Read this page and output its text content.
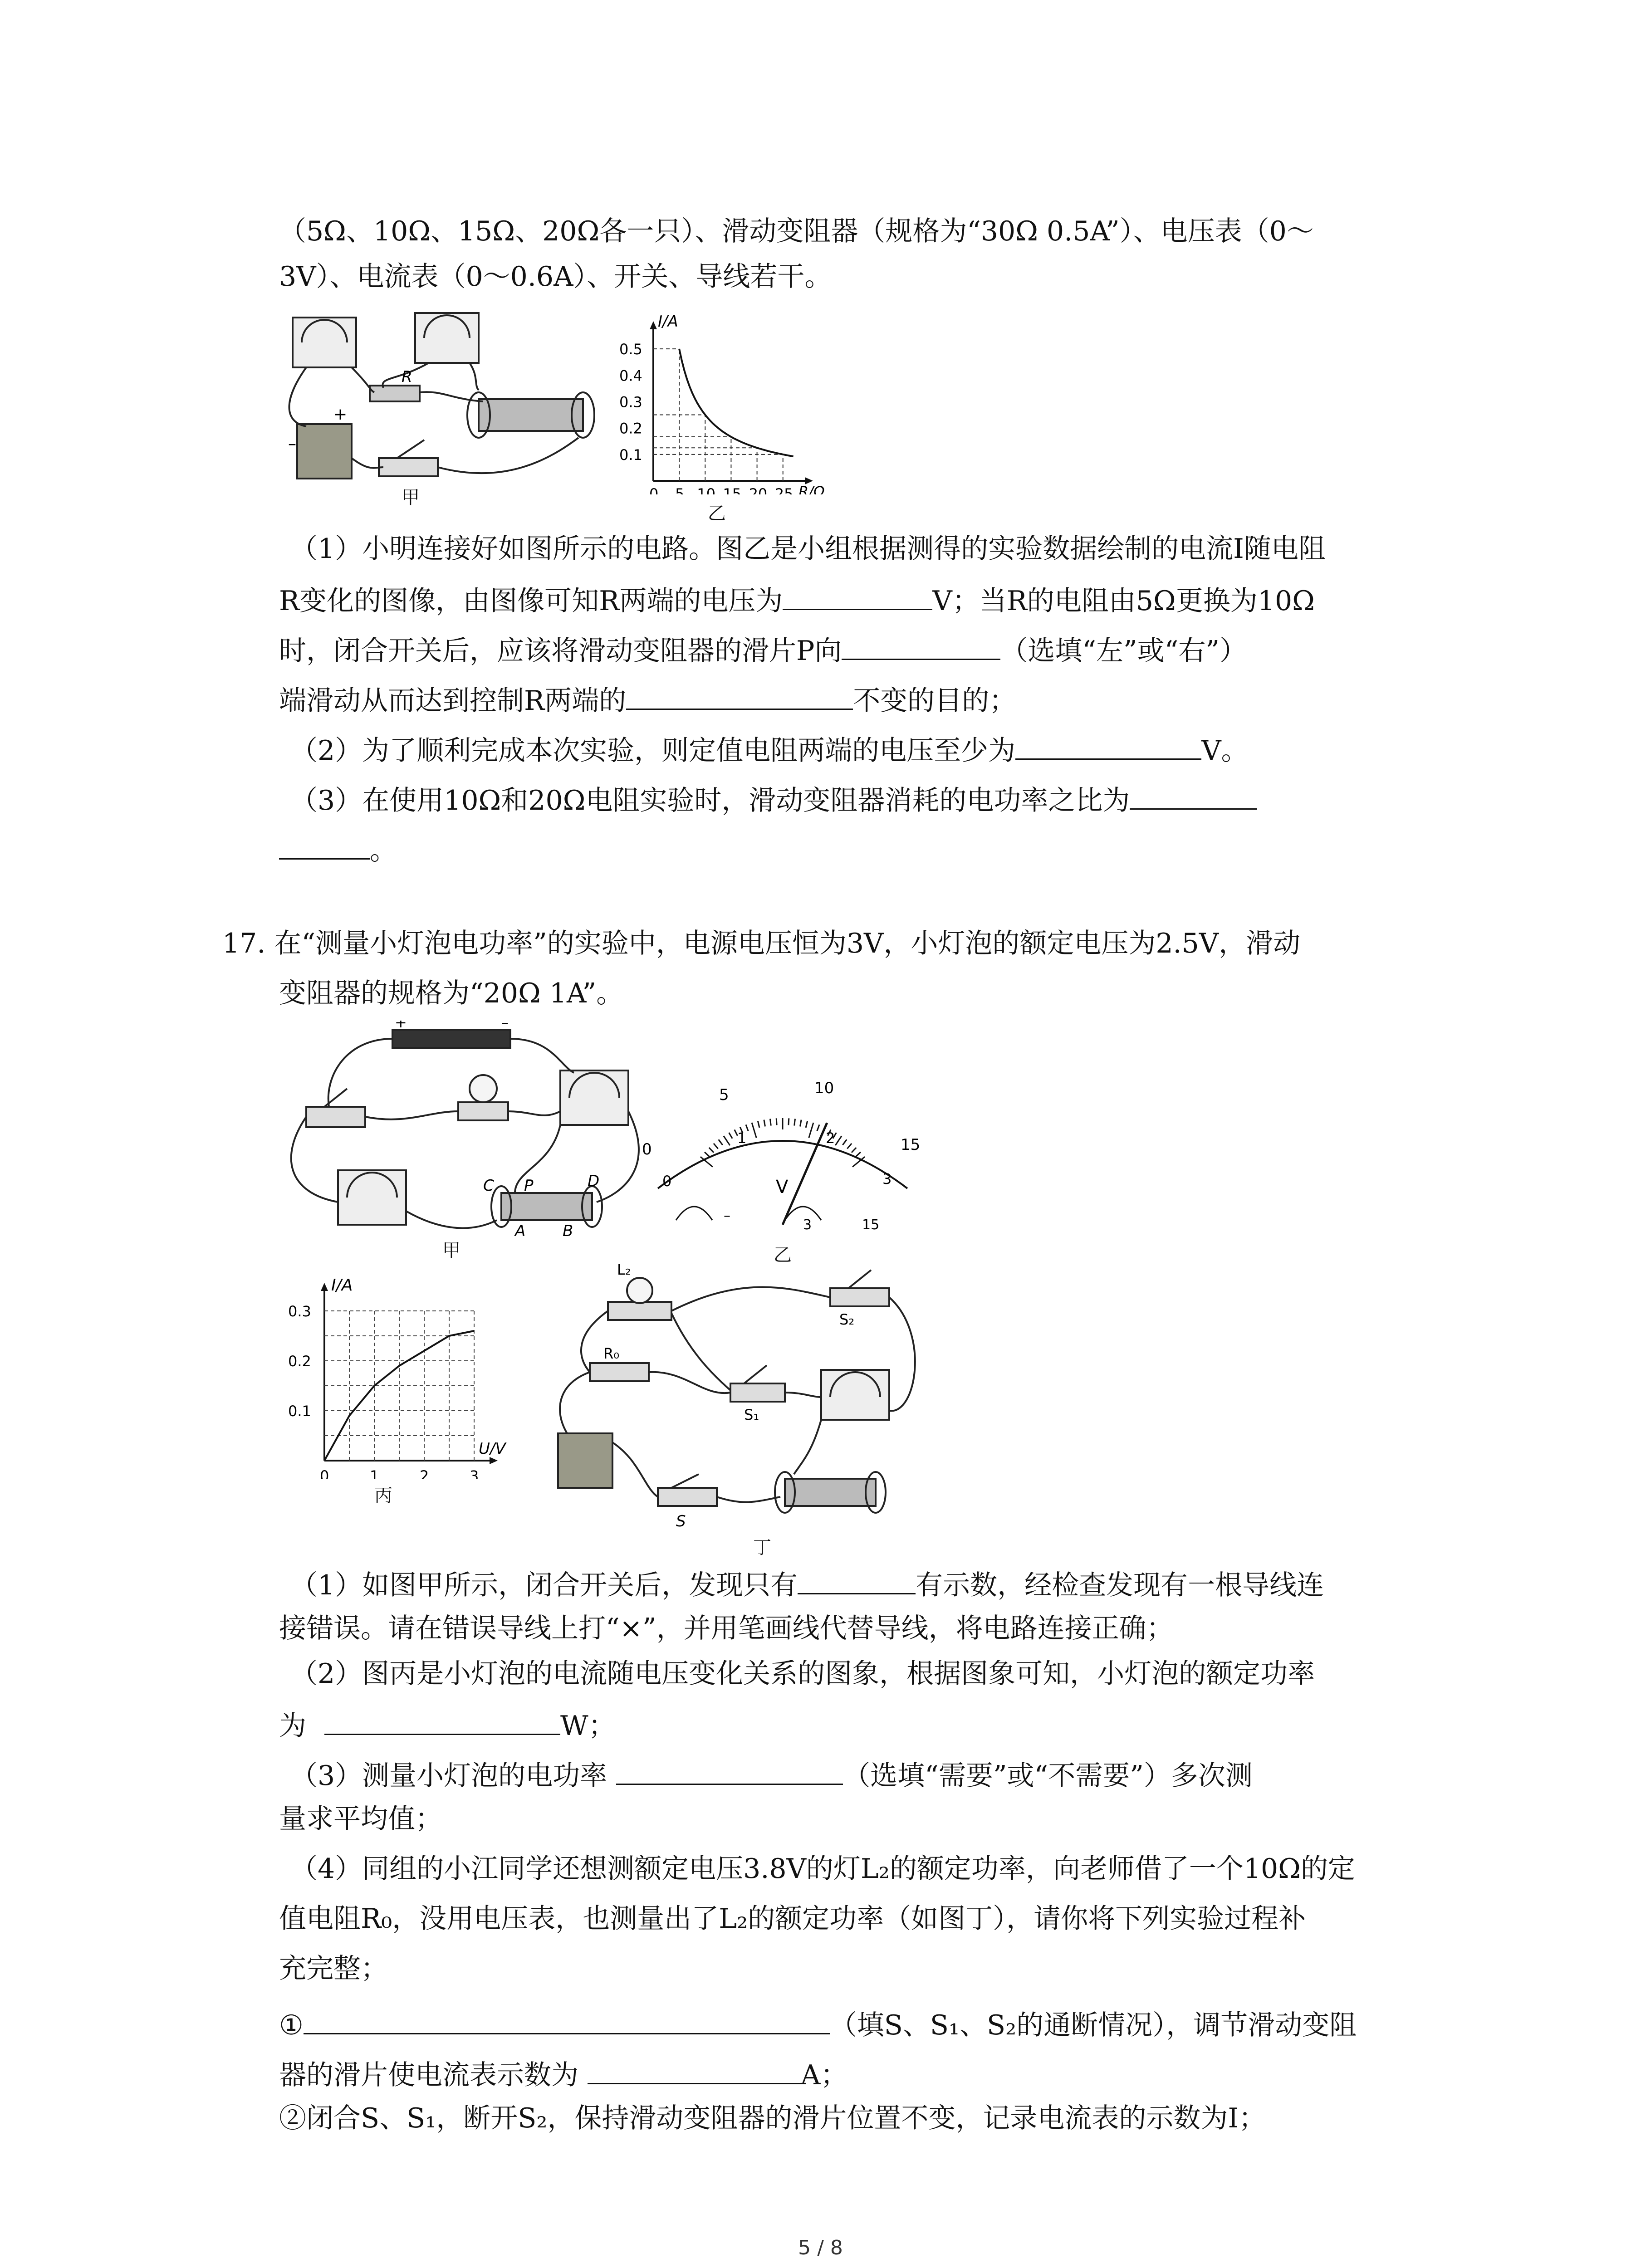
（5Ω、10Ω、15Ω、20Ω各一只）、滑动变阻器（规格为“30Ω 0.5A”）、电压表（0～
3V）、电流表（0～0.6A）、开关、导线若干。
R
–
+
甲
I/A
R/Ω
0.1
0.2
0.3
0.4
0.5
0 5 10 15 20 25
乙
（1）小明连接好如图所示的电路。图乙是小组根据测得的实验数据绘制的电流I随电阻
R变化的图像，由图像可知R两端的电压为	V；当R的电阻由5Ω更换为10Ω
时，闭合开关后，应该将滑动变阻器的滑片P向	（选填“左”或“右”）
端滑动从而达到控制R两端的	不变的目的；
（2）为了顺利完成本次实验，则定值电阻两端的电压至少为	V。
（3）在使用10Ω和20Ω电阻实验时，滑动变阻器消耗的电功率之比为
。
17. 在“测量小灯泡电功率”的实验中，电源电压恒为3V，小灯泡的额定电压为2.5V，滑动
变阻器的规格为“20Ω 1A”。
+	–
C P	D
A B
甲
0
5	10
15
0
1	2
3
V
–
3	15
乙
I/A
U/V
0.1
0.2
0.3
0	1	2	3
丙
L₂
S₂
R₀
S₁
S
丁
（1）如图甲所示，闭合开关后，发现只有	有示数，经检查发现有一根导线连
接错误。请在错误导线上打“×”，并用笔画线代替导线，将电路连接正确；
（2）图丙是小灯泡的电流随电压变化关系的图象，根据图象可知，小灯泡的额定功率
为	W；
（3）测量小灯泡的电功率	（选填“需要”或“不需要”）多次测
量求平均值；
（4）同组的小江同学还想测额定电压3.8V的灯L₂的额定功率，向老师借了一个10Ω的定
值电阻R₀，没用电压表，也测量出了L₂的额定功率（如图丁），请你将下列实验过程补
充完整；
①	（填S、S₁、S₂的通断情况），调节滑动变阻
器的滑片使电流表示数为	A；
②闭合S、S₁，断开S₂，保持滑动变阻器的滑片位置不变，记录电流表的示数为I；
5 / 8
